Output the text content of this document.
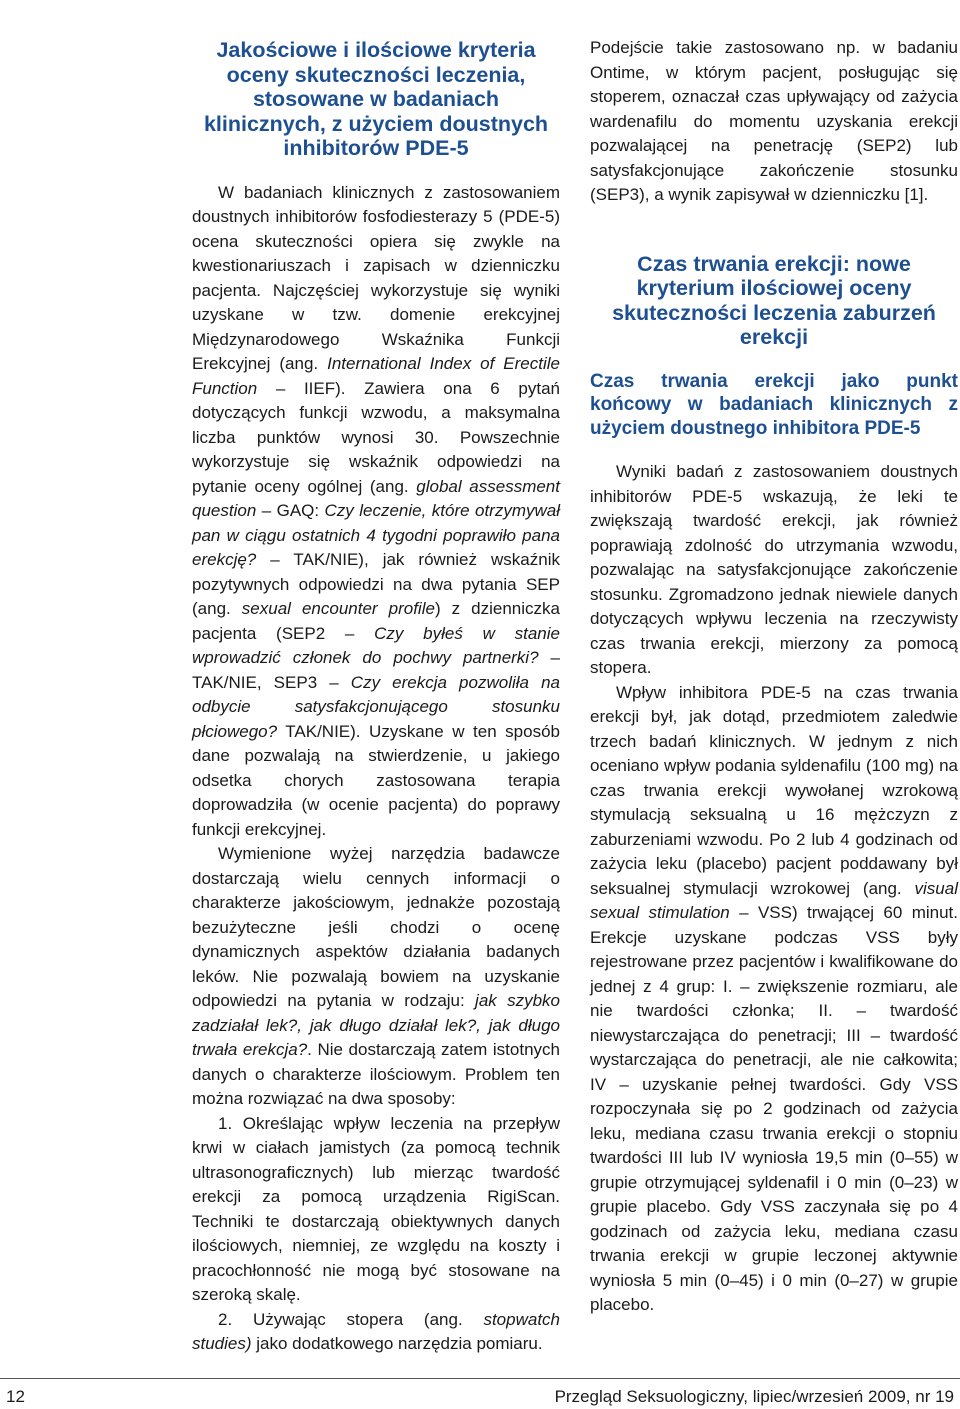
Jakościowe i ilościowe kryteria oceny skuteczności leczenia, stosowane w badaniach klinicznych, z użyciem doustnych inhibitorów PDE-5

W badaniach klinicznych z zastosowaniem doustnych inhibitorów fosfodiesterazy 5 (PDE-5) ocena skuteczności opiera się zwykle na kwestionariuszach i zapisach w dzienniczku pacjenta. Najczęściej wykorzystuje się wyniki uzyskane w tzw. domenie erekcyjnej Międzynarodowego Wskaźnika Funkcji Erekcyjnej (ang. International Index of Erectile Function – IIEF). Zawiera ona 6 pytań dotyczących funkcji wzwodu, a maksymalna liczba punktów wynosi 30. Powszechnie wykorzystuje się wskaźnik odpowiedzi na pytanie oceny ogólnej (ang. global assessment question – GAQ: Czy leczenie, które otrzymywał pan w ciągu ostatnich 4 tygodni poprawiło pana erekcję? – TAK/NIE), jak również wskaźnik pozytywnych odpowiedzi na dwa pytania SEP (ang. sexual encounter profile) z dzienniczka pacjenta (SEP2 – Czy byłeś w stanie wprowadzić członek do pochwy partnerki? – TAK/NIE, SEP3 – Czy erekcja pozwoliła na odbycie satysfakcjonującego stosunku płciowego? TAK/NIE). Uzyskane w ten sposób dane pozwalają na stwierdzenie, u jakiego odsetka chorych zastosowana terapia doprowadziła (w ocenie pacjenta) do poprawy funkcji erekcyjnej.

Wymienione wyżej narzędzia badawcze dostarczają wielu cennych informacji o charakterze jakościowym, jednakże pozostają bezużyteczne jeśli chodzi o ocenę dynamicznych aspektów działania badanych leków. Nie pozwalają bowiem na uzyskanie odpowiedzi na pytania w rodzaju: jak szybko zadziałał lek?, jak długo działał lek?, jak długo trwała erekcja?. Nie dostarczają zatem istotnych danych o charakterze ilościowym. Problem ten można rozwiązać na dwa sposoby:

1. Określając wpływ leczenia na przepływ krwi w ciałach jamistych (za pomocą technik ultrasonograficznych) lub mierząc twardość erekcji za pomocą urządzenia RigiScan. Techniki te dostarczają obiektywnych danych ilościowych, niemniej, ze względu na koszty i pracochłonność nie mogą być stosowane na szeroką skalę.

2. Używając stopera (ang. stopwatch studies) jako dodatkowego narzędzia pomiaru.

Podejście takie zastosowano np. w badaniu Ontime, w którym pacjent, posługując się stoperem, oznaczał czas upływający od zażycia wardenafilu do momentu uzyskania erekcji pozwalającej na penetrację (SEP2) lub satysfakcjonujące zakończenie stosunku (SEP3), a wynik zapisywał w dzienniczku [1].

Czas trwania erekcji: nowe kryterium ilościowej oceny skuteczności leczenia zaburzeń erekcji
Czas trwania erekcji jako punkt końcowy w badaniach klinicznych z użyciem doustnego inhibitora PDE-5

Wyniki badań z zastosowaniem doustnych inhibitorów PDE-5 wskazują, że leki te zwiększają twardość erekcji, jak również poprawiają zdolność do utrzymania wzwodu, pozwalając na satysfakcjonujące zakończenie stosunku. Zgromadzono jednak niewiele danych dotyczących wpływu leczenia na rzeczywisty czas trwania erekcji, mierzony za pomocą stopera.

Wpływ inhibitora PDE-5 na czas trwania erekcji był, jak dotąd, przedmiotem zaledwie trzech badań klinicznych. W jednym z nich oceniano wpływ podania syldenafilu (100 mg) na czas trwania erekcji wywołanej wzrokową stymulacją seksualną u 16 mężczyzn z zaburzeniami wzwodu. Po 2 lub 4 godzinach od zażycia leku (placebo) pacjent poddawany był seksualnej stymulacji wzrokowej (ang. visual sexual stimulation – VSS) trwającej 60 minut. Erekcje uzyskane podczas VSS były rejestrowane przez pacjentów i kwalifikowane do jednej z 4 grup: I. – zwiększenie rozmiaru, ale nie twardości członka; II. – twardość niewystarczająca do penetracji; III – twardość wystarczająca do penetracji, ale nie całkowita; IV – uzyskanie pełnej twardości. Gdy VSS rozpoczynała się po 2 godzinach od zażycia leku, mediana czasu trwania erekcji o stopniu twardości III lub IV wyniosła 19,5 min (0–55) w grupie otrzymującej syldenafil i 0 min (0–23) w grupie placebo. Gdy VSS zaczynała się po 4 godzinach od zażycia leku, mediana czasu trwania erekcji w grupie leczonej aktywnie wyniosła 5 min (0–45) i 0 min (0–27) w grupie placebo.

12	Przegląd Seksuologiczny, lipiec/wrzesień 2009, nr 19
